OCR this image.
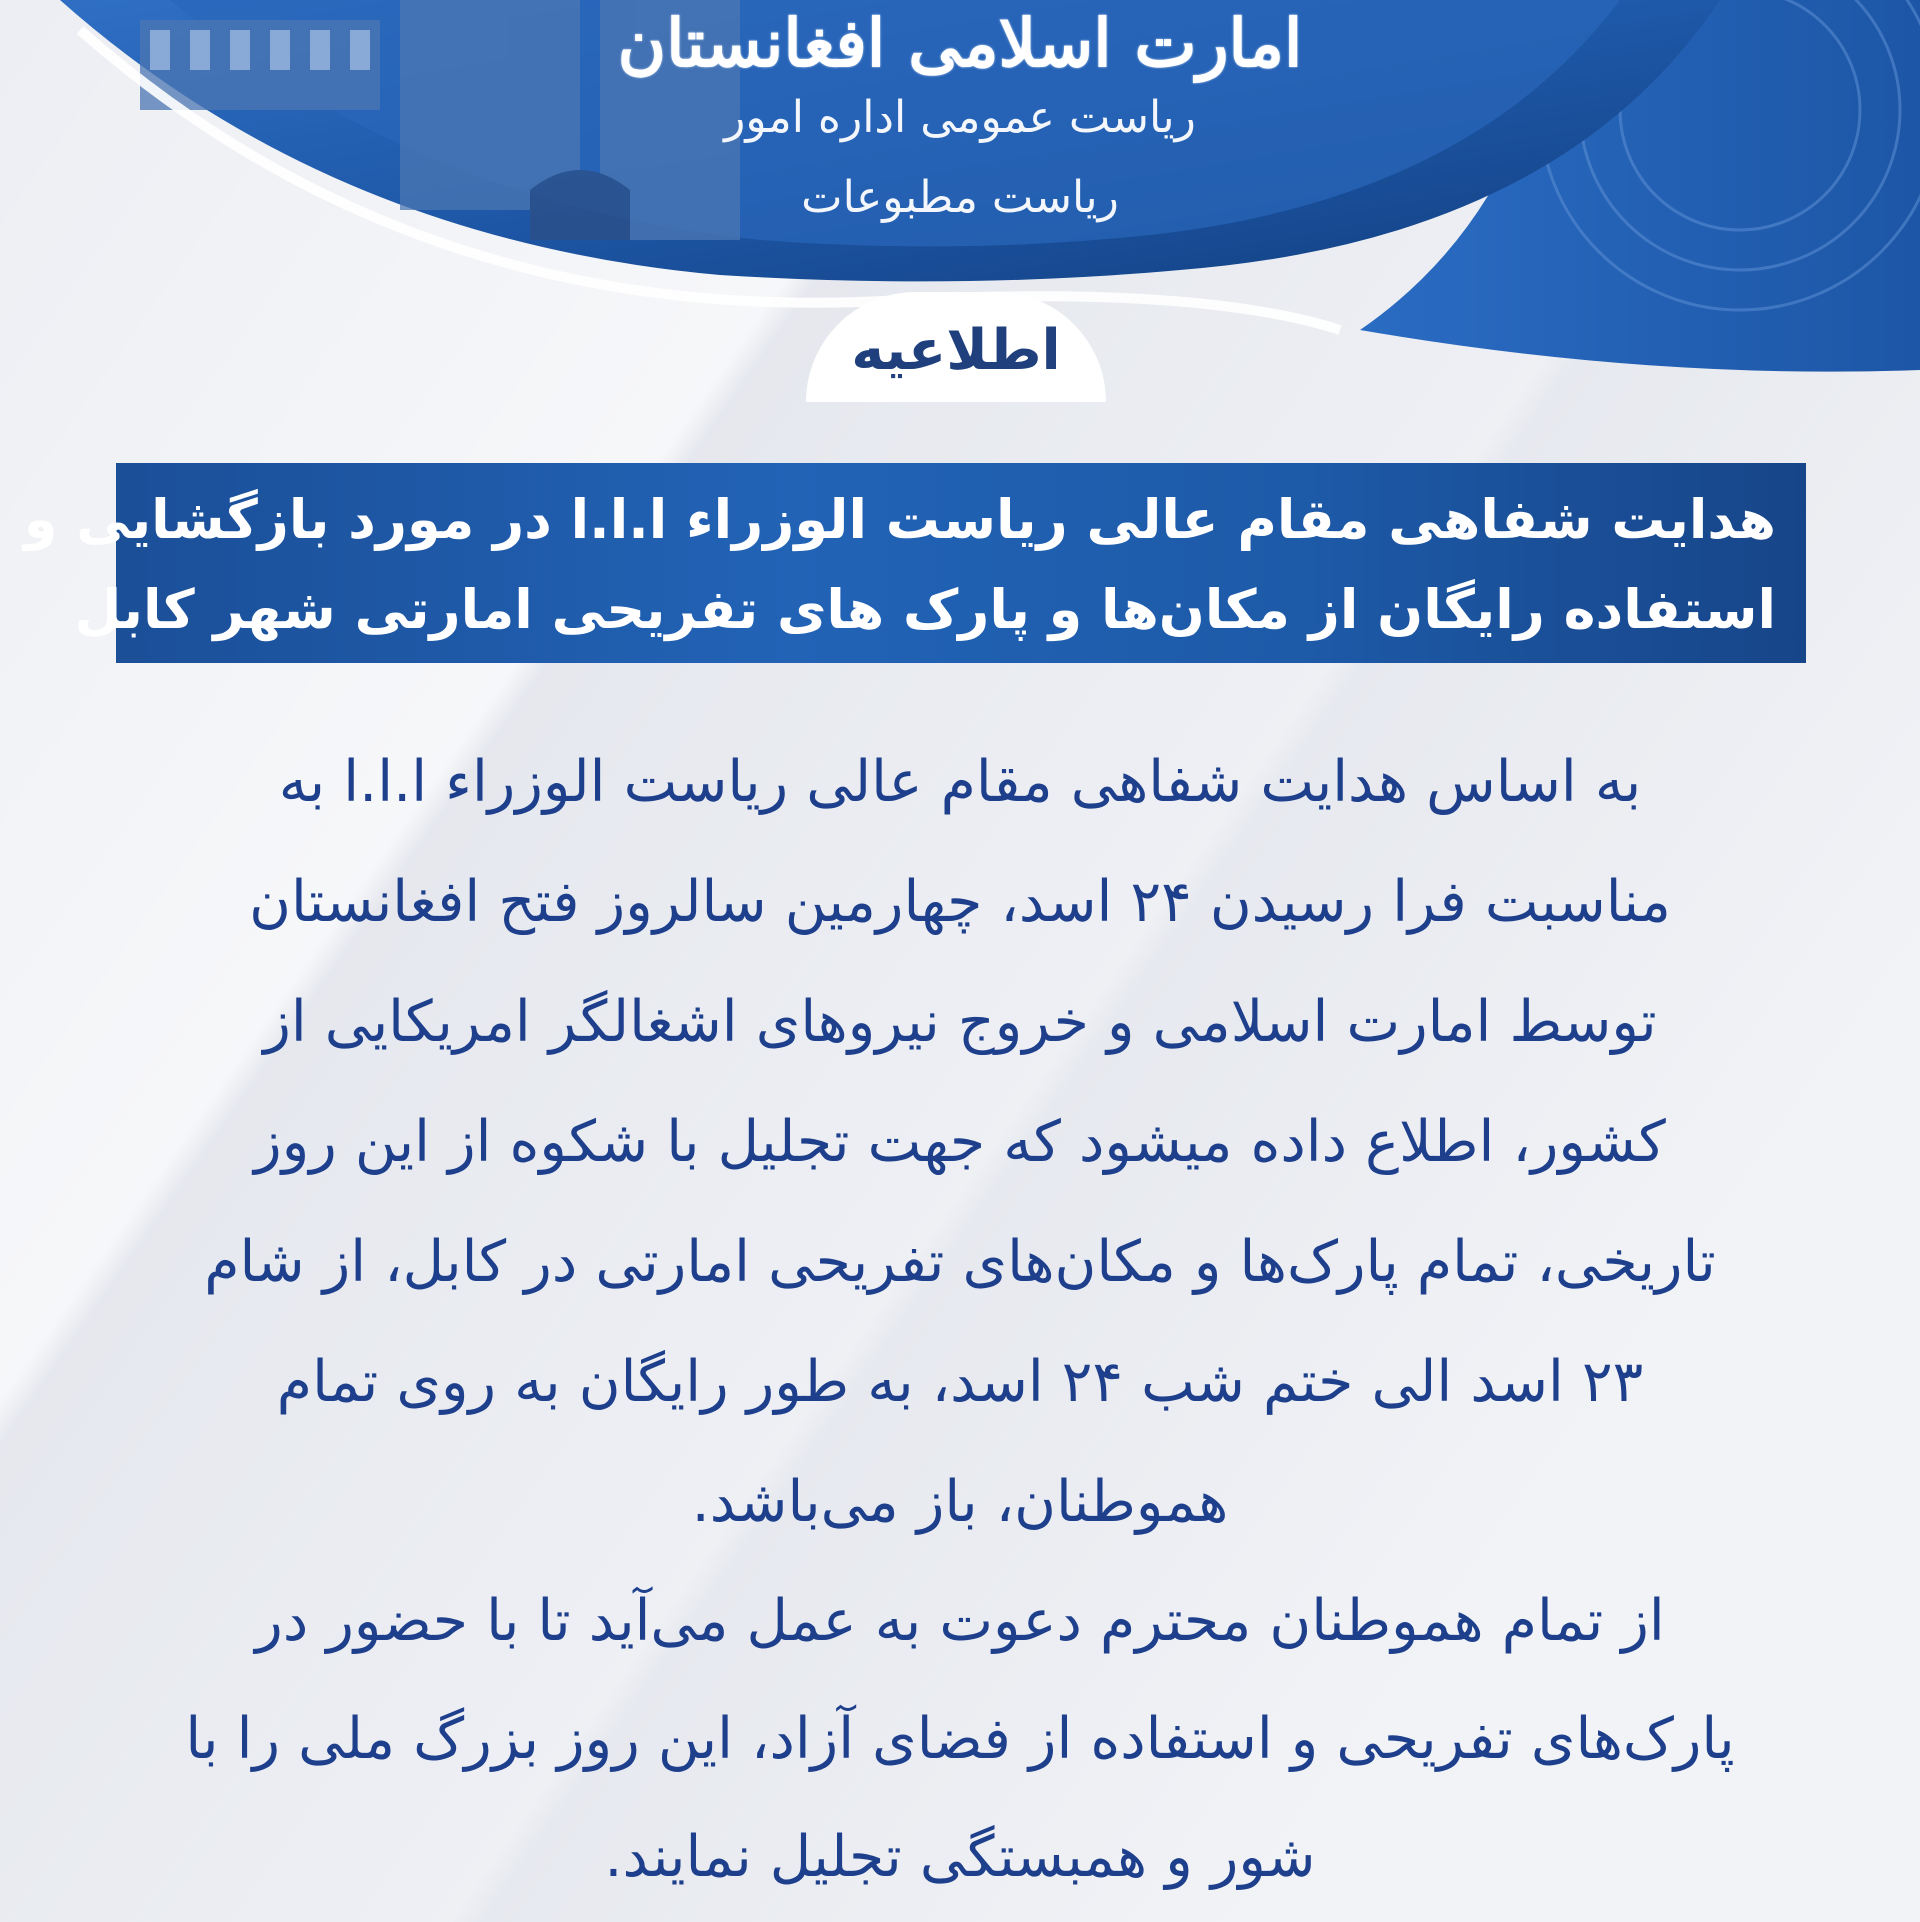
امارت اسلامی افغانستان
ریاست عمومی اداره امور
ریاست مطبوعات
اطلاعیه
هدایت شفاهی مقام عالی ریاست الوزراء ا.ا.ا در مورد بازگشایی و
استفاده رایگان از مکان‌ها و پارک های تفریحی امارتی شهر کابل
به اساس هدایت شفاهی مقام عالی ریاست الوزراء ا.ا.ا به
مناسبت فرا رسیدن ۲۴ اسد، چهارمین سالروز فتح افغانستان
توسط امارت اسلامی و خروج نیروهای اشغالگر امریکایی از
کشور، اطلاع داده میشود که جهت تجلیل با شکوه از این روز
تاریخی، تمام پارک‌ها و مکان‌های تفریحی امارتی در کابل، از شام
۲۳ اسد الی ختم شب ۲۴ اسد، به طور رایگان به روی تمام
هموطنان، باز می‌باشد.
از تمام هموطنان محترم دعوت به عمل می‌آید تا با حضور در
پارک‌های تفریحی و استفاده از فضای آزاد، این روز بزرگ ملی را با
شور و همبستگی تجلیل نمایند.
